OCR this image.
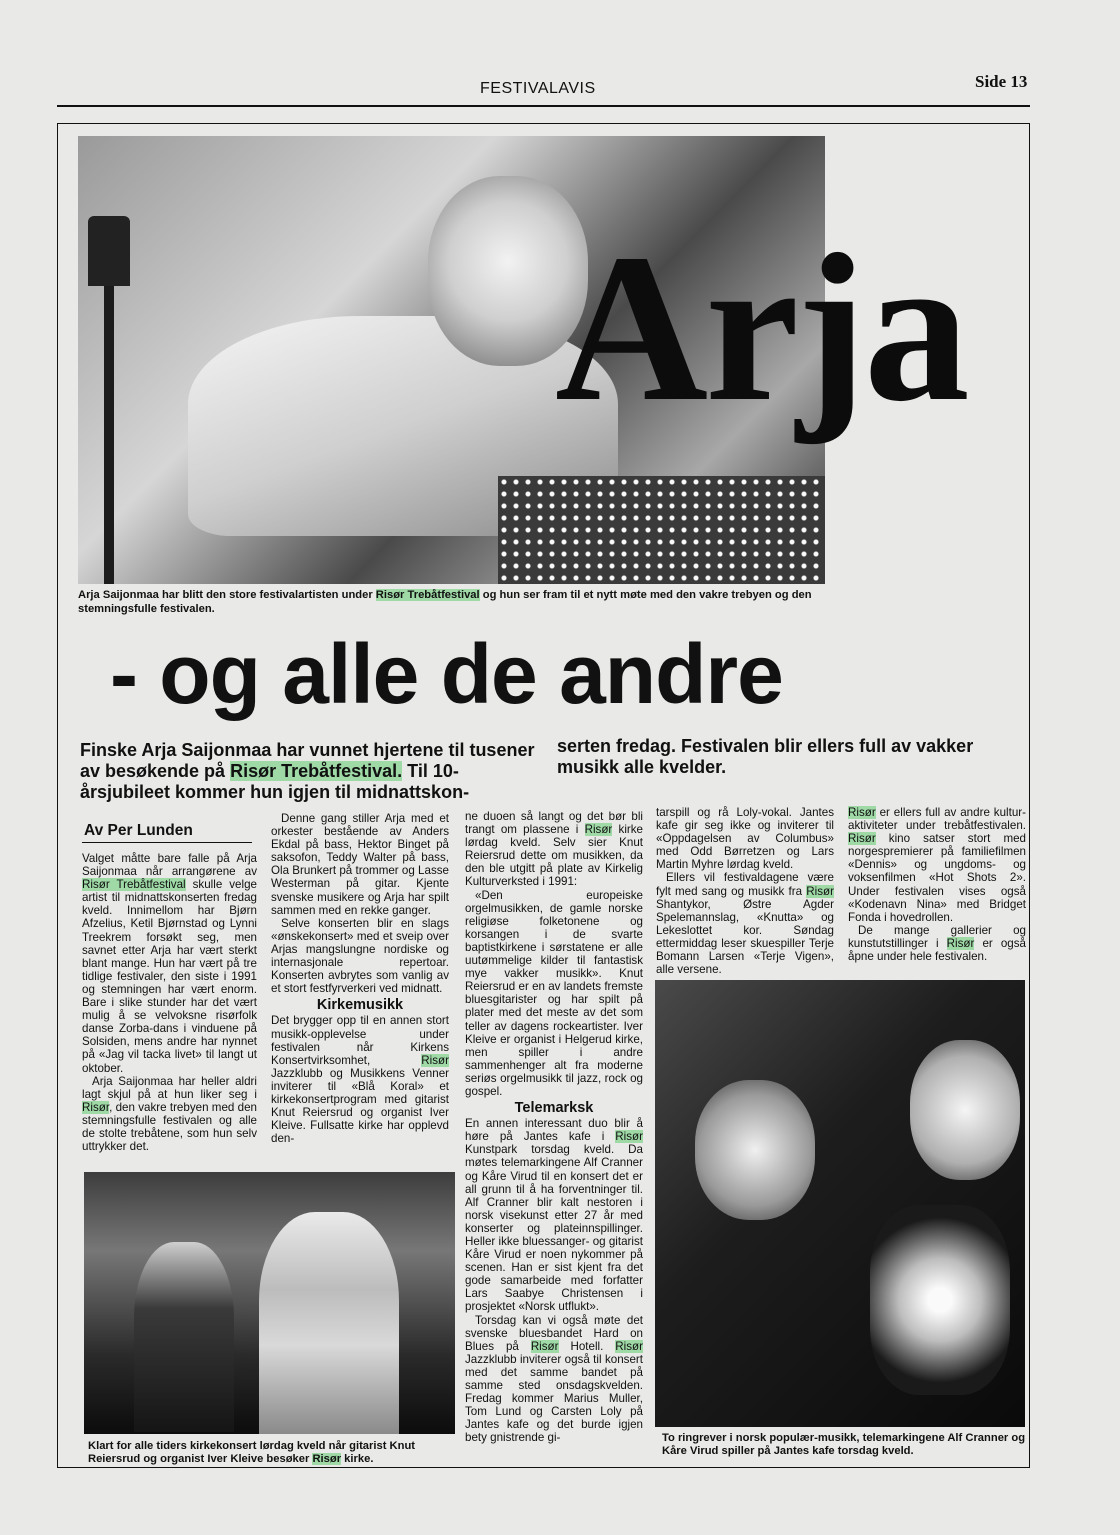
FESTIVALAVIS	Side 13
Arja
Arja Saijonmaa har blitt den store festivalartisten under Risør Trebåtfestival og hun ser fram til et nytt møte med den vakre trebyen og den stemningsfulle festivalen.
- og alle de andre
Finske Arja Saijonmaa har vunnet hjertene til tusener av besøkende på Risør Trebåtfestival. Til 10-årsjubileet kommer hun igjen til midnattskon-
serten fredag. Festivalen blir ellers full av vakker musikk alle kvelder.
Av Per Lunden

Valget måtte bare falle på Arja Saijonmaa når arrangørene av Risør Trebåtfestival skulle velge artist til midnattskonserten fredag kveld. Innimellom har Bjørn Afzelius, Ketil Bjørnstad og Lynni Treekrem forsøkt seg, men savnet etter Arja har vært sterkt blant mange. Hun har vært på tre tidlige festivaler, den siste i 1991 og stemningen har vært enorm. Bare i slike stunder har det vært mulig å se velvoksne risørfolk danse Zorba-dans i vinduene på Solsiden, mens andre har nynnet på «Jag vil tacka livet» til langt ut oktober.

Arja Saijonmaa har heller aldri lagt skjul på at hun liker seg i Risør, den vakre trebyen med den stemningsfulle festivalen og alle de stolte trebåtene, som hun selv uttrykker det.

Denne gang stiller Arja med et orkester bestående av Anders Ekdal på bass, Hektor Binget på saksofon, Teddy Walter på bass, Ola Brunkert på trommer og Lasse Westerman på gitar. Kjente svenske musikere og Arja har spilt sammen med en rekke ganger.

Selve konserten blir en slags «ønskekonsert» med et sveip over Arjas mangslungne nordiske og internasjonale repertoar. Konserten avbrytes som vanlig av et stort festfyrverkeri ved midnatt.

Kirkemusikk

Det brygger opp til en annen stort musikk-opplevelse under festivalen når Kirkens Konsertvirksomhet, Risør Jazzklubb og Musikkens Venner inviterer til «Blå Koral» et kirkekonsertprogram med gitarist Knut Reiersrud og organist Iver Kleive. Fullsatte kirke har opplevd den-

ne duoen så langt og det bør bli trangt om plassene i Risør kirke lørdag kveld. Selv sier Knut Reiersrud dette om musikken, da den ble utgitt på plate av Kirkelig Kulturverksted i 1991:

«Den europeiske orgelmusikken, de gamle norske religiøse folketonene og korsangen i de svarte baptistkirkene i sørstatene er alle uutømmelige kilder til fantastisk mye vakker musikk». Knut Reiersrud er en av landets fremste bluesgitarister og har spilt på plater med det meste av det som teller av dagens rockeartister. Iver Kleive er organist i Helgerud kirke, men spiller i andre sammenhenger alt fra moderne seriøs orgelmusikk til jazz, rock og gospel.

Telemarksk

En annen interessant duo blir å høre på Jantes kafe i Risør Kunstpark torsdag kveld. Da møtes telemarkingene Alf Cranner og Kåre Virud til en konsert det er all grunn til å ha forventninger til. Alf Cranner blir kalt nestoren i norsk visekunst etter 27 år med konserter og plateinnspillinger. Heller ikke bluessanger- og gitarist Kåre Virud er noen nykommer på scenen. Han er sist kjent fra det gode samarbeide med forfatter Lars Saabye Christensen i prosjektet «Norsk utflukt».

Torsdag kan vi også møte det svenske bluesbandet Hard on Blues på Risør Hotell. Risør Jazzklubb inviterer også til konsert med det samme bandet på samme sted onsdagskvelden. Fredag kommer Marius Muller, Tom Lund og Carsten Loly på Jantes kafe og det burde igjen bety gnistrende gi-

tarspill og rå Loly-vokal. Jantes kafe gir seg ikke og inviterer til «Oppdagelsen av Columbus» med Odd Børretzen og Lars Martin Myhre lørdag kveld.

Ellers vil festivaldagene være fylt med sang og musikk fra Risør Shantykor, Østre Agder Spelemannslag, «Knutta» og Lekeslottet kor. Søndag ettermiddag leser skuespiller Terje Bomann Larsen «Terje Vigen», alle versene.

Risør er ellers full av andre kultur-aktiviteter under trebåtfestivalen. Risør kino satser stort med norgespremierer på familiefilmen «Dennis» og ungdoms- og voksenfilmen «Hot Shots 2». Under festivalen vises også «Kodenavn Nina» med Bridget Fonda i hovedrollen.

De mange gallerier og kunstutstillinger i Risør er også åpne under hele festivalen.

Klart for alle tiders kirkekonsert lørdag kveld når gitarist Knut Reiersrud og organist Iver Kleive besøker Risør kirke.
To ringrever i norsk populær-musikk, telemarkingene Alf Cranner og Kåre Virud spiller på Jantes kafe torsdag kveld.
